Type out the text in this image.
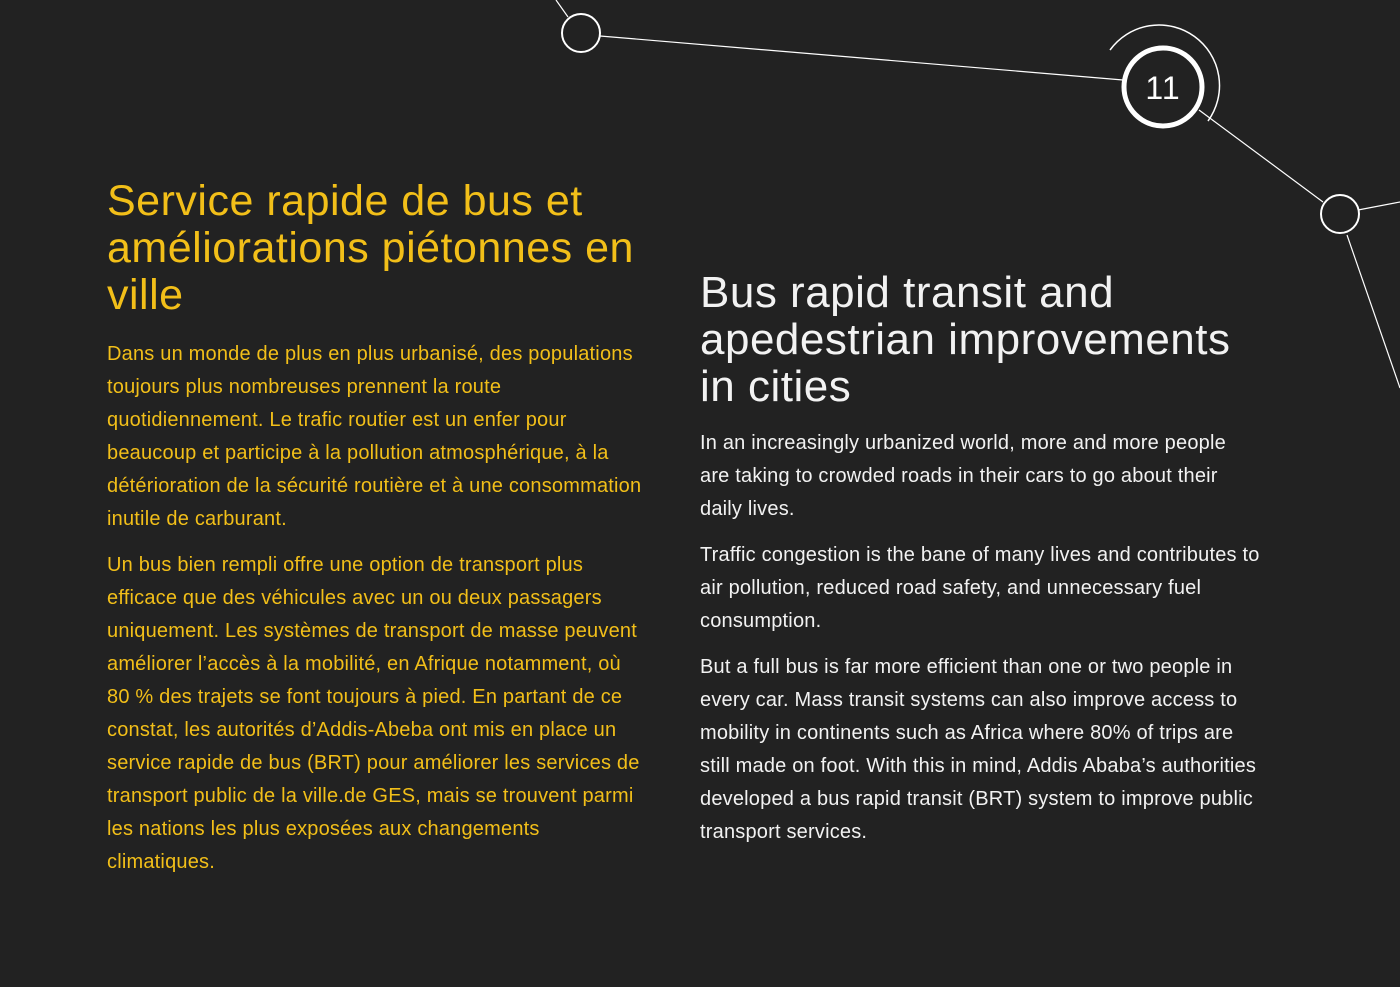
11
Service rapide de bus et améliorations piétonnes en ville

Dans un monde de plus en plus urbanisé, des populations toujours plus nombreuses prennent la route quotidiennement. Le trafic routier est un enfer pour beaucoup et participe à la pollution atmosphérique, à la détérioration de la sécurité routière et à une consommation inutile de carburant.

Un bus bien rempli offre une option de transport plus efficace que des véhicules avec un ou deux passagers uniquement. Les systèmes de transport de masse peuvent améliorer l’accès à la mobilité, en Afrique notamment, où 80 % des trajets se font toujours à pied. En partant de ce constat, les autorités d’Addis-Abeba ont mis en place un service rapide de bus (BRT) pour améliorer les services de transport public de la ville.de GES, mais se trouvent parmi les nations les plus exposées aux changements climatiques.

Bus rapid transit and apedestrian improvements in cities

In an increasingly urbanized world, more and more people are taking to crowded roads in their cars to go about their daily lives.

Traffic congestion is the bane of many lives and contributes to air pollution, reduced road safety, and unnecessary fuel consumption.

But a full bus is far more efficient than one or two people in every car. Mass transit systems can also improve access to mobility in continents such as Africa where 80% of trips are still made on foot. With this in mind, Addis Ababa’s authorities developed a bus rapid transit (BRT) system to improve public transport services.
